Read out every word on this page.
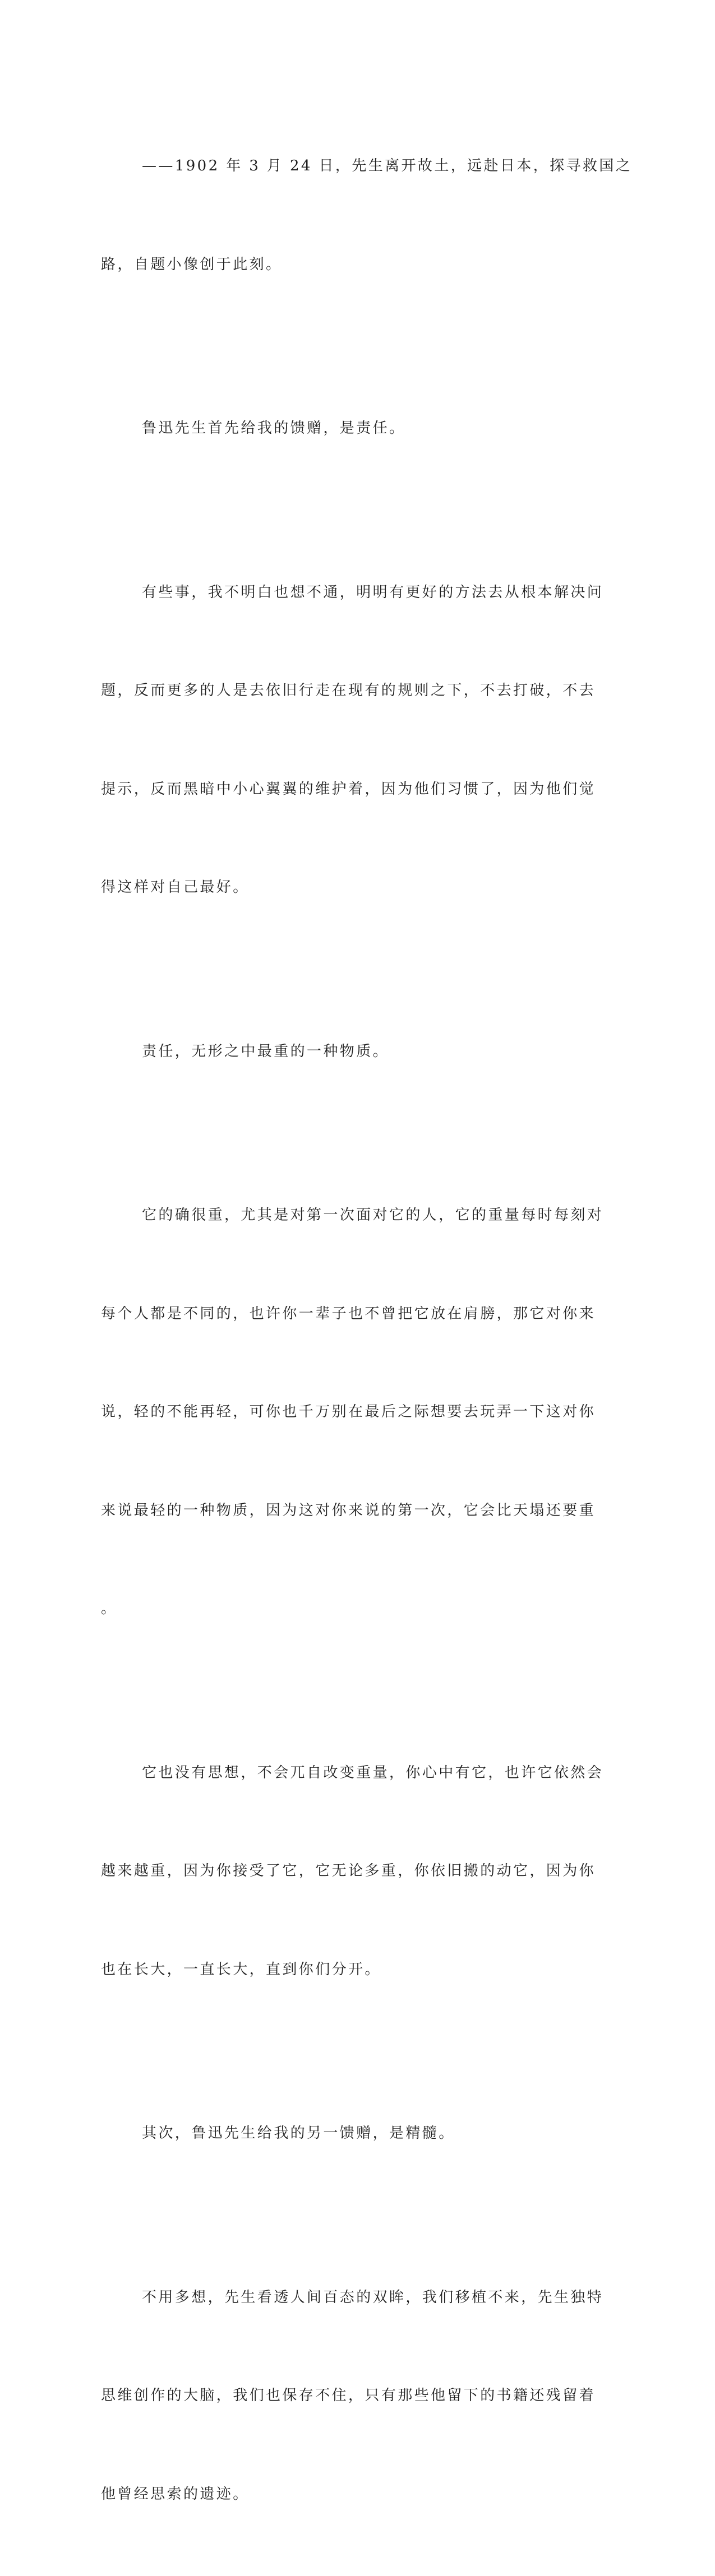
——1902 年 3 月 24 日，先生离开故土，远赴日本，探寻救国之

路，自题小像创于此刻。

鲁迅先生首先给我的馈赠，是责任。

有些事，我不明白也想不通，明明有更好的方法去从根本解决问

题，反而更多的人是去依旧行走在现有的规则之下，不去打破，不去

提示，反而黑暗中小心翼翼的维护着，因为他们习惯了，因为他们觉

得这样对自己最好。

责任，无形之中最重的一种物质。

它的确很重，尤其是对第一次面对它的人，它的重量每时每刻对

每个人都是不同的，也许你一辈子也不曾把它放在肩膀，那它对你来

说，轻的不能再轻，可你也千万别在最后之际想要去玩弄一下这对你

来说最轻的一种物质，因为这对你来说的第一次，它会比天塌还要重

。

它也没有思想，不会兀自改变重量，你心中有它，也许它依然会

越来越重，因为你接受了它，它无论多重，你依旧搬的动它，因为你

也在长大，一直长大，直到你们分开。

其次，鲁迅先生给我的另一馈赠，是精髓。

不用多想，先生看透人间百态的双眸，我们移植不来，先生独特

思维创作的大脑，我们也保存不住，只有那些他留下的书籍还残留着

他曾经思索的遗迹。
